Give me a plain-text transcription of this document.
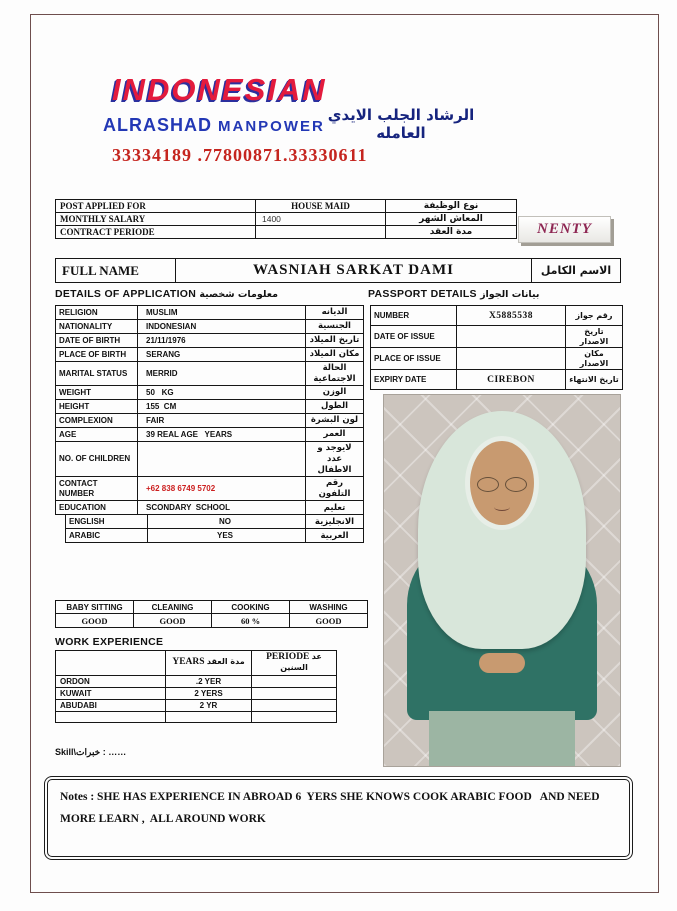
INDONESIAN
ALRASHAD MANPOWER
الرشاد الجلب الايدي العامله
33334189 .77800871.33330611
POST APPLIED FOR	HOUSE MAID	نوع الوظيفة
MONTHLY SALARY	1400	المعاش الشهر
CONTRACT PERIODE		مدة العقد	NENTY
FULL NAME	WASNIAH SARKAT DAMI	الاسم الكامل
DETAILS OF APPLICATION معلومات شخصية	PASSPORT DETAILS بيانات الجواز
RELIGION	MUSLIM	الديانه
NATIONALITY	INDONESIAN	الجنسية
DATE OF BIRTH	21/11/1976	تاريخ الميلاد
PLACE OF BIRTH	SERANG	مكان الميلاد
MARITAL STATUS	MERRID	الحالة الاجتماعية
WEIGHT	50   KG	الوزن
HEIGHT	155  CM	الطول
COMPLEXION	FAIR	لون البشرة
AGE	39 REAL AGE   YEARS	العمر
NO. OF CHILDREN		لايوجد و عدد الاطفال
CONTACT NUMBER	+62 838 6749 5702	رقم التلفون
EDUCATION	SCONDARY  SCHOOL	تعليم
ENGLISH	NO	الانجليزية
ARABIC	YES	العربية
NUMBER	X5885538	رقم جواز
DATE OF ISSUE		تاريخ الاصدار
PLACE OF ISSUE		مكان الاصدار
EXPIRY DATE	CIREBON	تاريخ الانتهاء
BABY SITTING	CLEANING	COOKING	WASHING
GOOD	GOOD	60 %	GOOD
WORK EXPERIENCE
	YEARS مدة العقد	PERIODE عد السنين
ORDON	.2 YER	
KUWAIT	2 YERS	
ABUDABI	2 YR	

Skill\خبرات : ……
Notes : SHE HAS EXPERIENCE IN ABROAD 6  YERS SHE KNOWS COOK ARABIC FOOD   AND NEED MORE LEARN ,  ALL AROUND WORK
